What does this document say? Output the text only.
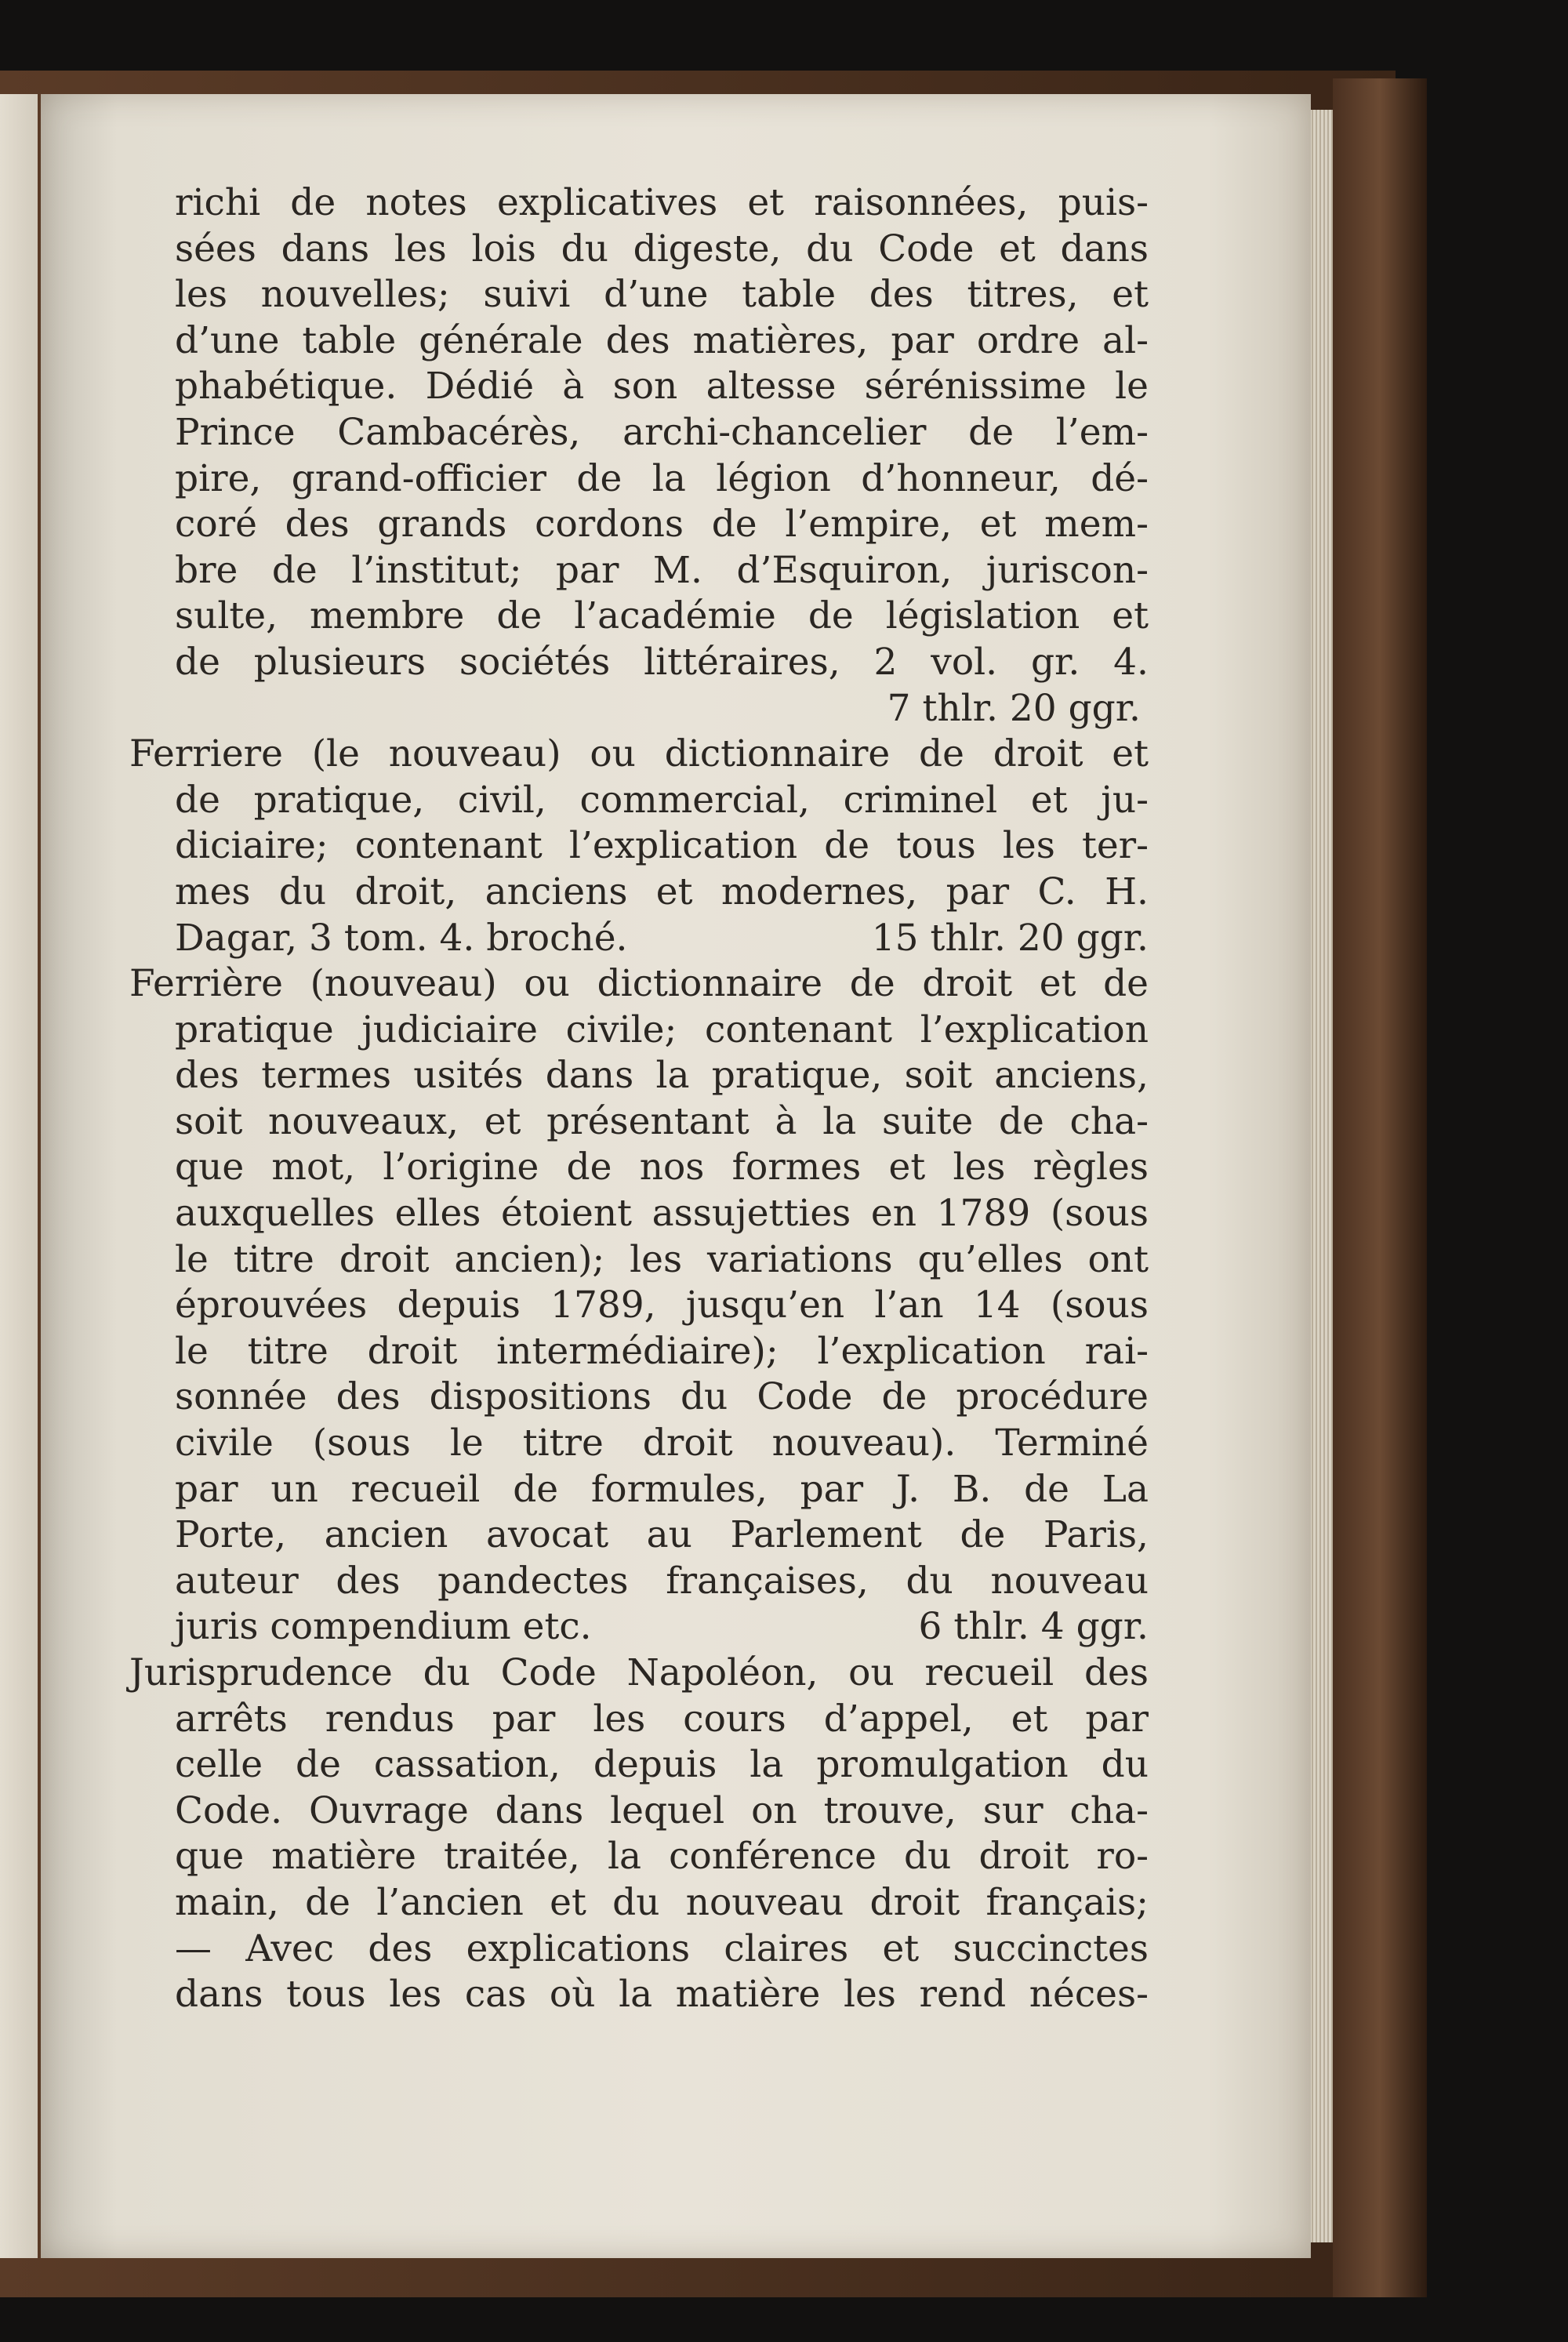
richi de notes explicatives et raisonnées, puis-
sées dans les lois du digeste, du Code et dans
les nouvelles; suivi d’une table des titres, et
d’une table générale des matières, par ordre al-
phabétique. Dédié à son altesse sérénissime le
Prince Cambacérès, archi-chancelier de l’em-
pire, grand-officier de la légion d’honneur, dé-
coré des grands cordons de l’empire, et mem-
bre de l’institut; par M. d’Esquiron, juriscon-
sulte, membre de l’académie de législation et
de plusieurs sociétés littéraires, 2 vol. gr. 4.
7 thlr. 20 ggr.
Ferriere (le nouveau) ou dictionnaire de droit et
de pratique, civil, commercial, criminel et ju-
diciaire; contenant l’explication de tous les ter-
mes du droit, anciens et modernes, par C. H.
Dagar, 3 tom. 4. broché.	15 thlr. 20 ggr.
Ferrière (nouveau) ou dictionnaire de droit et de
pratique judiciaire civile; contenant l’explication
des termes usités dans la pratique, soit anciens,
soit nouveaux, et présentant à la suite de cha-
que mot, l’origine de nos formes et les règles
auxquelles elles étoient assujetties en 1789 (sous
le titre droit ancien); les variations qu’elles ont
éprouvées depuis 1789, jusqu’en l’an 14 (sous
le titre droit intermédiaire); l’explication rai-
sonnée des dispositions du Code de procédure
civile (sous le titre droit nouveau). Terminé
par un recueil de formules, par J. B. de La
Porte, ancien avocat au Parlement de Paris,
auteur des pandectes françaises, du nouveau
juris compendium etc.	6 thlr. 4 ggr.
Jurisprudence du Code Napoléon, ou recueil des
arrêts rendus par les cours d’appel, et par
celle de cassation, depuis la promulgation du
Code. Ouvrage dans lequel on trouve, sur cha-
que matière traitée, la conférence du droit ro-
main, de l’ancien et du nouveau droit français;
— Avec des explications claires et succinctes
dans tous les cas où la matière les rend néces-
